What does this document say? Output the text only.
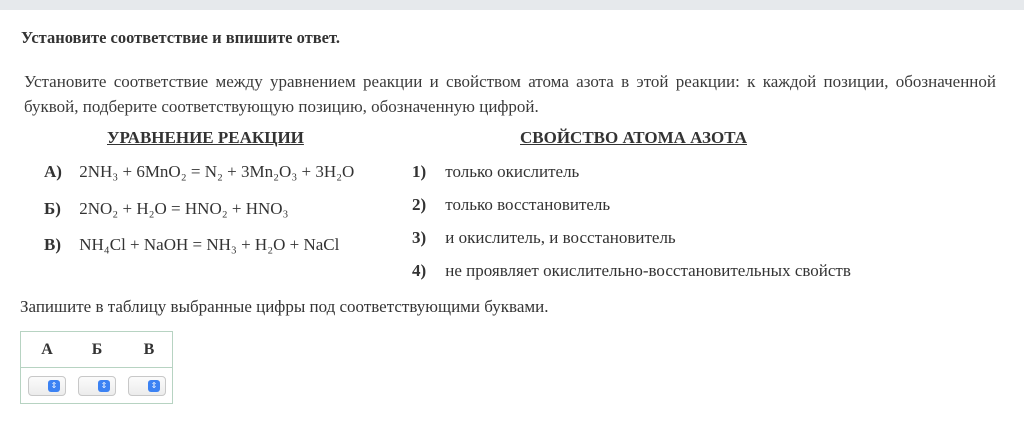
Установите соответствие и впишите ответ.
Установите соответствие между уравнением реакции и свойством атома азота в этой реакции: к каждой позиции, обозначенной буквой, подберите соответствующую позицию, обозначенную цифрой.
УРАВНЕНИЕ РЕАКЦИИ	СВОЙСТВО АТОМА АЗОТА
А) 2NH₃ + 6MnO₂ = N₂ + 3Mn₂O₃ + 3H₂O
Б) 2NO₂ + H₂O = HNO₂ + HNO₃
В) NH₄Cl + NaOH = NH₃ + H₂O + NaCl
1) только окислитель
2) только восстановитель
3) и окислитель, и восстановитель
4) не проявляет окислительно-восстановительных свойств
Запишите в таблицу выбранные цифры под соответствующими буквами.
А Б	В
⇕	⇕	⇕
